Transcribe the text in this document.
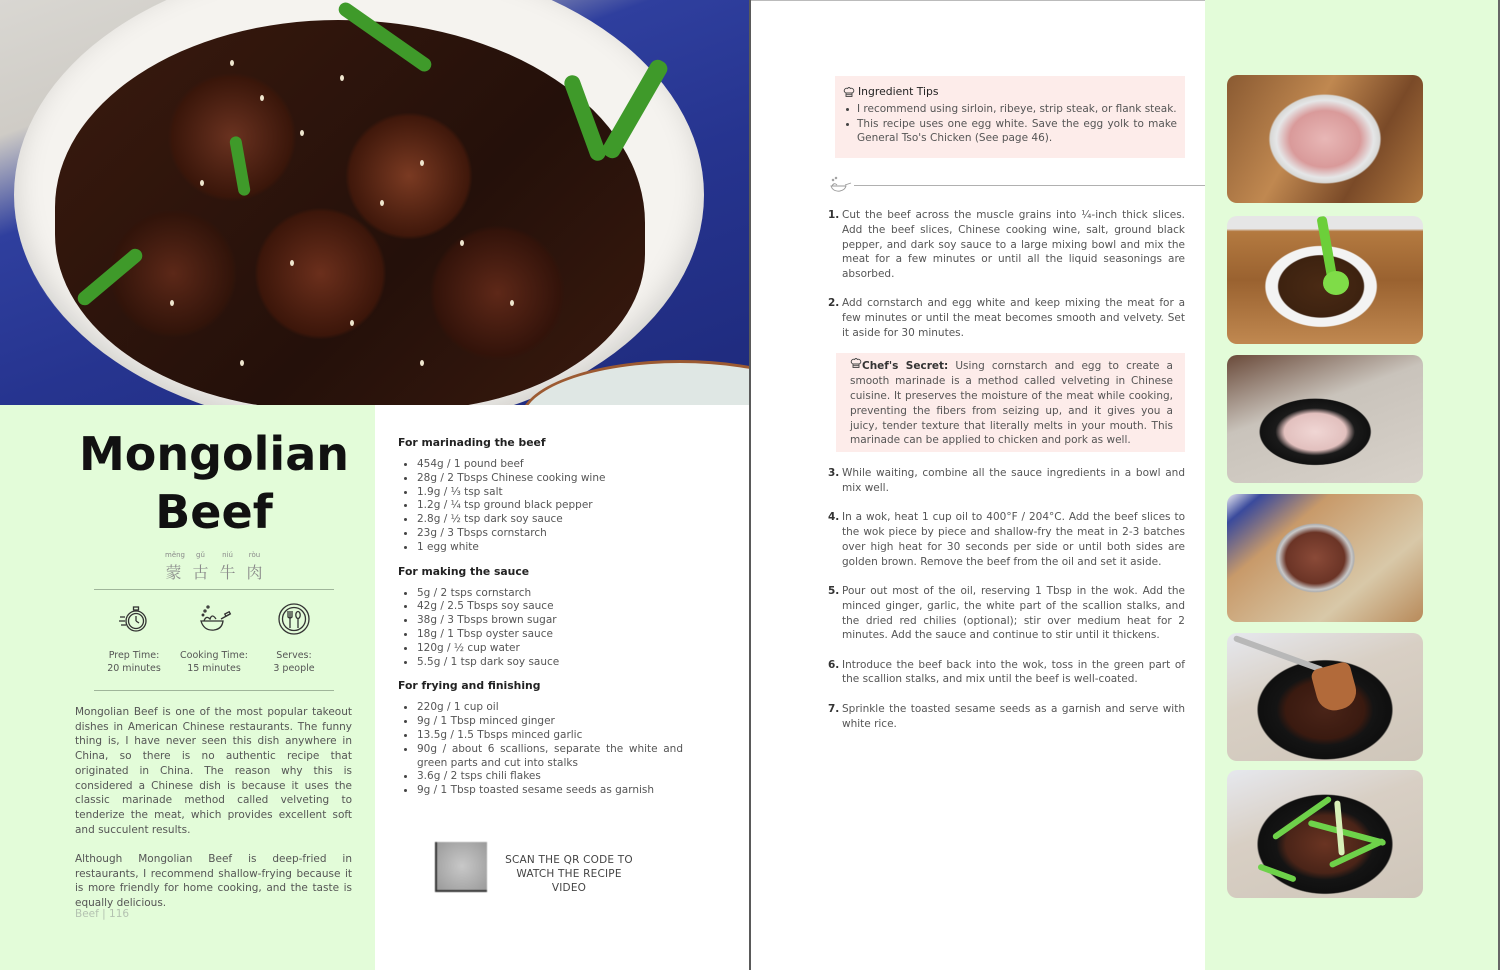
Mongolian
Beef
měng	gǔ	niú	ròu
蒙 古 牛 肉
Prep Time:
20 minutes
Cooking Time:
15 minutes
Serves:
3 people

Mongolian Beef is one of the most popular takeout dishes in American Chinese restaurants. The funny thing is, I have never seen this dish anywhere in China, so there is no authentic recipe that originated in China. The reason why this is considered a Chinese dish is because it uses the classic marinade method called velveting to tenderize the meat, which provides excellent soft and succulent results.

Although Mongolian Beef is deep-fried in restaurants, I recommend shallow-frying because it is more friendly for home cooking, and the taste is equally delicious.

Beef | 116
For marinading the beef
454g / 1 pound beef
28g / 2 Tbsps Chinese cooking wine
1.9g / ⅓ tsp salt
1.2g / ¼ tsp ground black pepper
2.8g / ½ tsp dark soy sauce
23g / 3 Tbsps cornstarch
1 egg white
For making the sauce
5g / 2 tsps cornstarch
42g / 2.5 Tbsps soy sauce
38g / 3 Tbsps brown sugar
18g / 1 Tbsp oyster sauce
120g / ½ cup water
5.5g / 1 tsp dark soy sauce
For frying and finishing
220g / 1 cup oil
9g / 1 Tbsp minced ginger
13.5g / 1.5 Tbsps minced garlic
90g / about 6 scallions, separate the white and green parts and cut into stalks
3.6g / 2 tsps chili flakes
9g / 1 Tbsp toasted sesame seeds as garnish
SCAN THE QR CODE TO
WATCH THE RECIPE VIDEO
Ingredient Tips
I recommend using sirloin, ribeye, strip steak, or flank steak.
This recipe uses one egg white. Save the egg yolk to make General Tso's Chicken (See page 46).
1. Cut the beef across the muscle grains into ¼-inch thick slices. Add the beef slices, Chinese cooking wine, salt, ground black pepper, and dark soy sauce to a large mixing bowl and mix the meat for a few minutes or until all the liquid seasonings are absorbed.
2. Add cornstarch and egg white and keep mixing the meat for a few minutes or until the meat becomes smooth and velvety. Set it aside for 30 minutes.
Chef's Secret: Using cornstarch and egg to create a smooth marinade is a method called velveting in Chinese cuisine. It preserves the moisture of the meat while cooking, preventing the fibers from seizing up, and it gives you a juicy, tender texture that literally melts in your mouth. This marinade can be applied to chicken and pork as well.
3. While waiting, combine all the sauce ingredients in a bowl and mix well.
4. In a wok, heat 1 cup oil to 400°F / 204°C. Add the beef slices to the wok piece by piece and shallow-fry the meat in 2-3 batches over high heat for 30 seconds per side or until both sides are golden brown. Remove the beef from the oil and set it aside.
5. Pour out most of the oil, reserving 1 Tbsp in the wok. Add the minced ginger, garlic, the white part of the scallion stalks, and the dried red chilies (optional); stir over medium heat for 2 minutes. Add the sauce and continue to stir until it thickens.
6. Introduce the beef back into the wok, toss in the green part of the scallion stalks, and mix until the beef is well-coated.
7. Sprinkle the toasted sesame seeds as a garnish and serve with white rice.
